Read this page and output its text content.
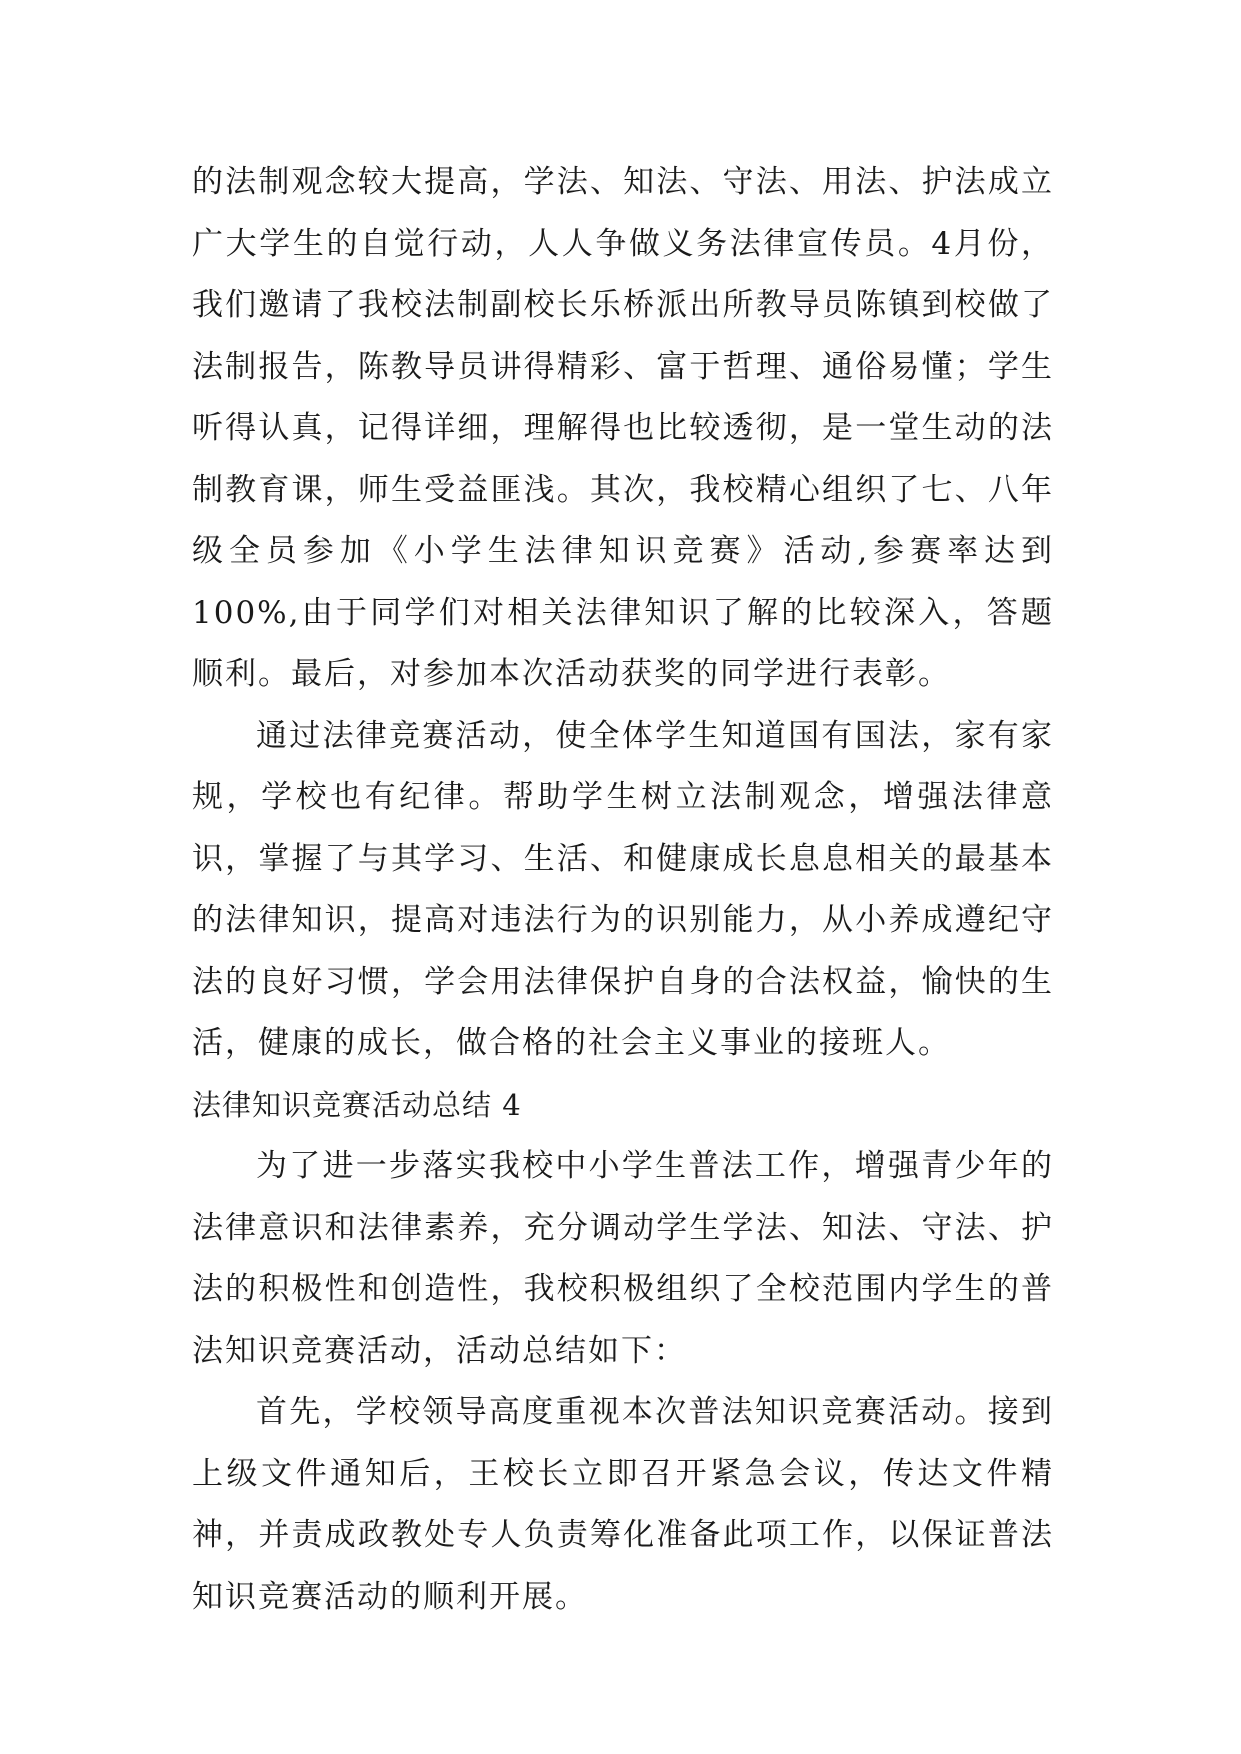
的法制观念较大提高，学法、知法、守法、用法、护法成立广大学生的自觉行动，人人争做义务法律宣传员。4月份，我们邀请了我校法制副校长乐桥派出所教导员陈镇到校做了法制报告，陈教导员讲得精彩、富于哲理、通俗易懂；学生听得认真，记得详细，理解得也比较透彻，是一堂生动的法制教育课，师生受益匪浅。其次，我校精心组织了七、八年级全员参加《小学生法律知识竞赛》活动,参赛率达到100%,由于同学们对相关法律知识了解的比较深入，答题顺利。最后，对参加本次活动获奖的同学进行表彰。

通过法律竞赛活动，使全体学生知道国有国法，家有家规，学校也有纪律。帮助学生树立法制观念，增强法律意识，掌握了与其学习、生活、和健康成长息息相关的最基本的法律知识，提高对违法行为的识别能力，从小养成遵纪守法的良好习惯，学会用法律保护自身的合法权益，愉快的生活，健康的成长，做合格的社会主义事业的接班人。

法律知识竞赛活动总结 4

为了进一步落实我校中小学生普法工作，增强青少年的法律意识和法律素养，充分调动学生学法、知法、守法、护法的积极性和创造性，我校积极组织了全校范围内学生的普法知识竞赛活动，活动总结如下：

首先，学校领导高度重视本次普法知识竞赛活动。接到上级文件通知后，王校长立即召开紧急会议，传达文件精神，并责成政教处专人负责筹化准备此项工作，以保证普法知识竞赛活动的顺利开展。
